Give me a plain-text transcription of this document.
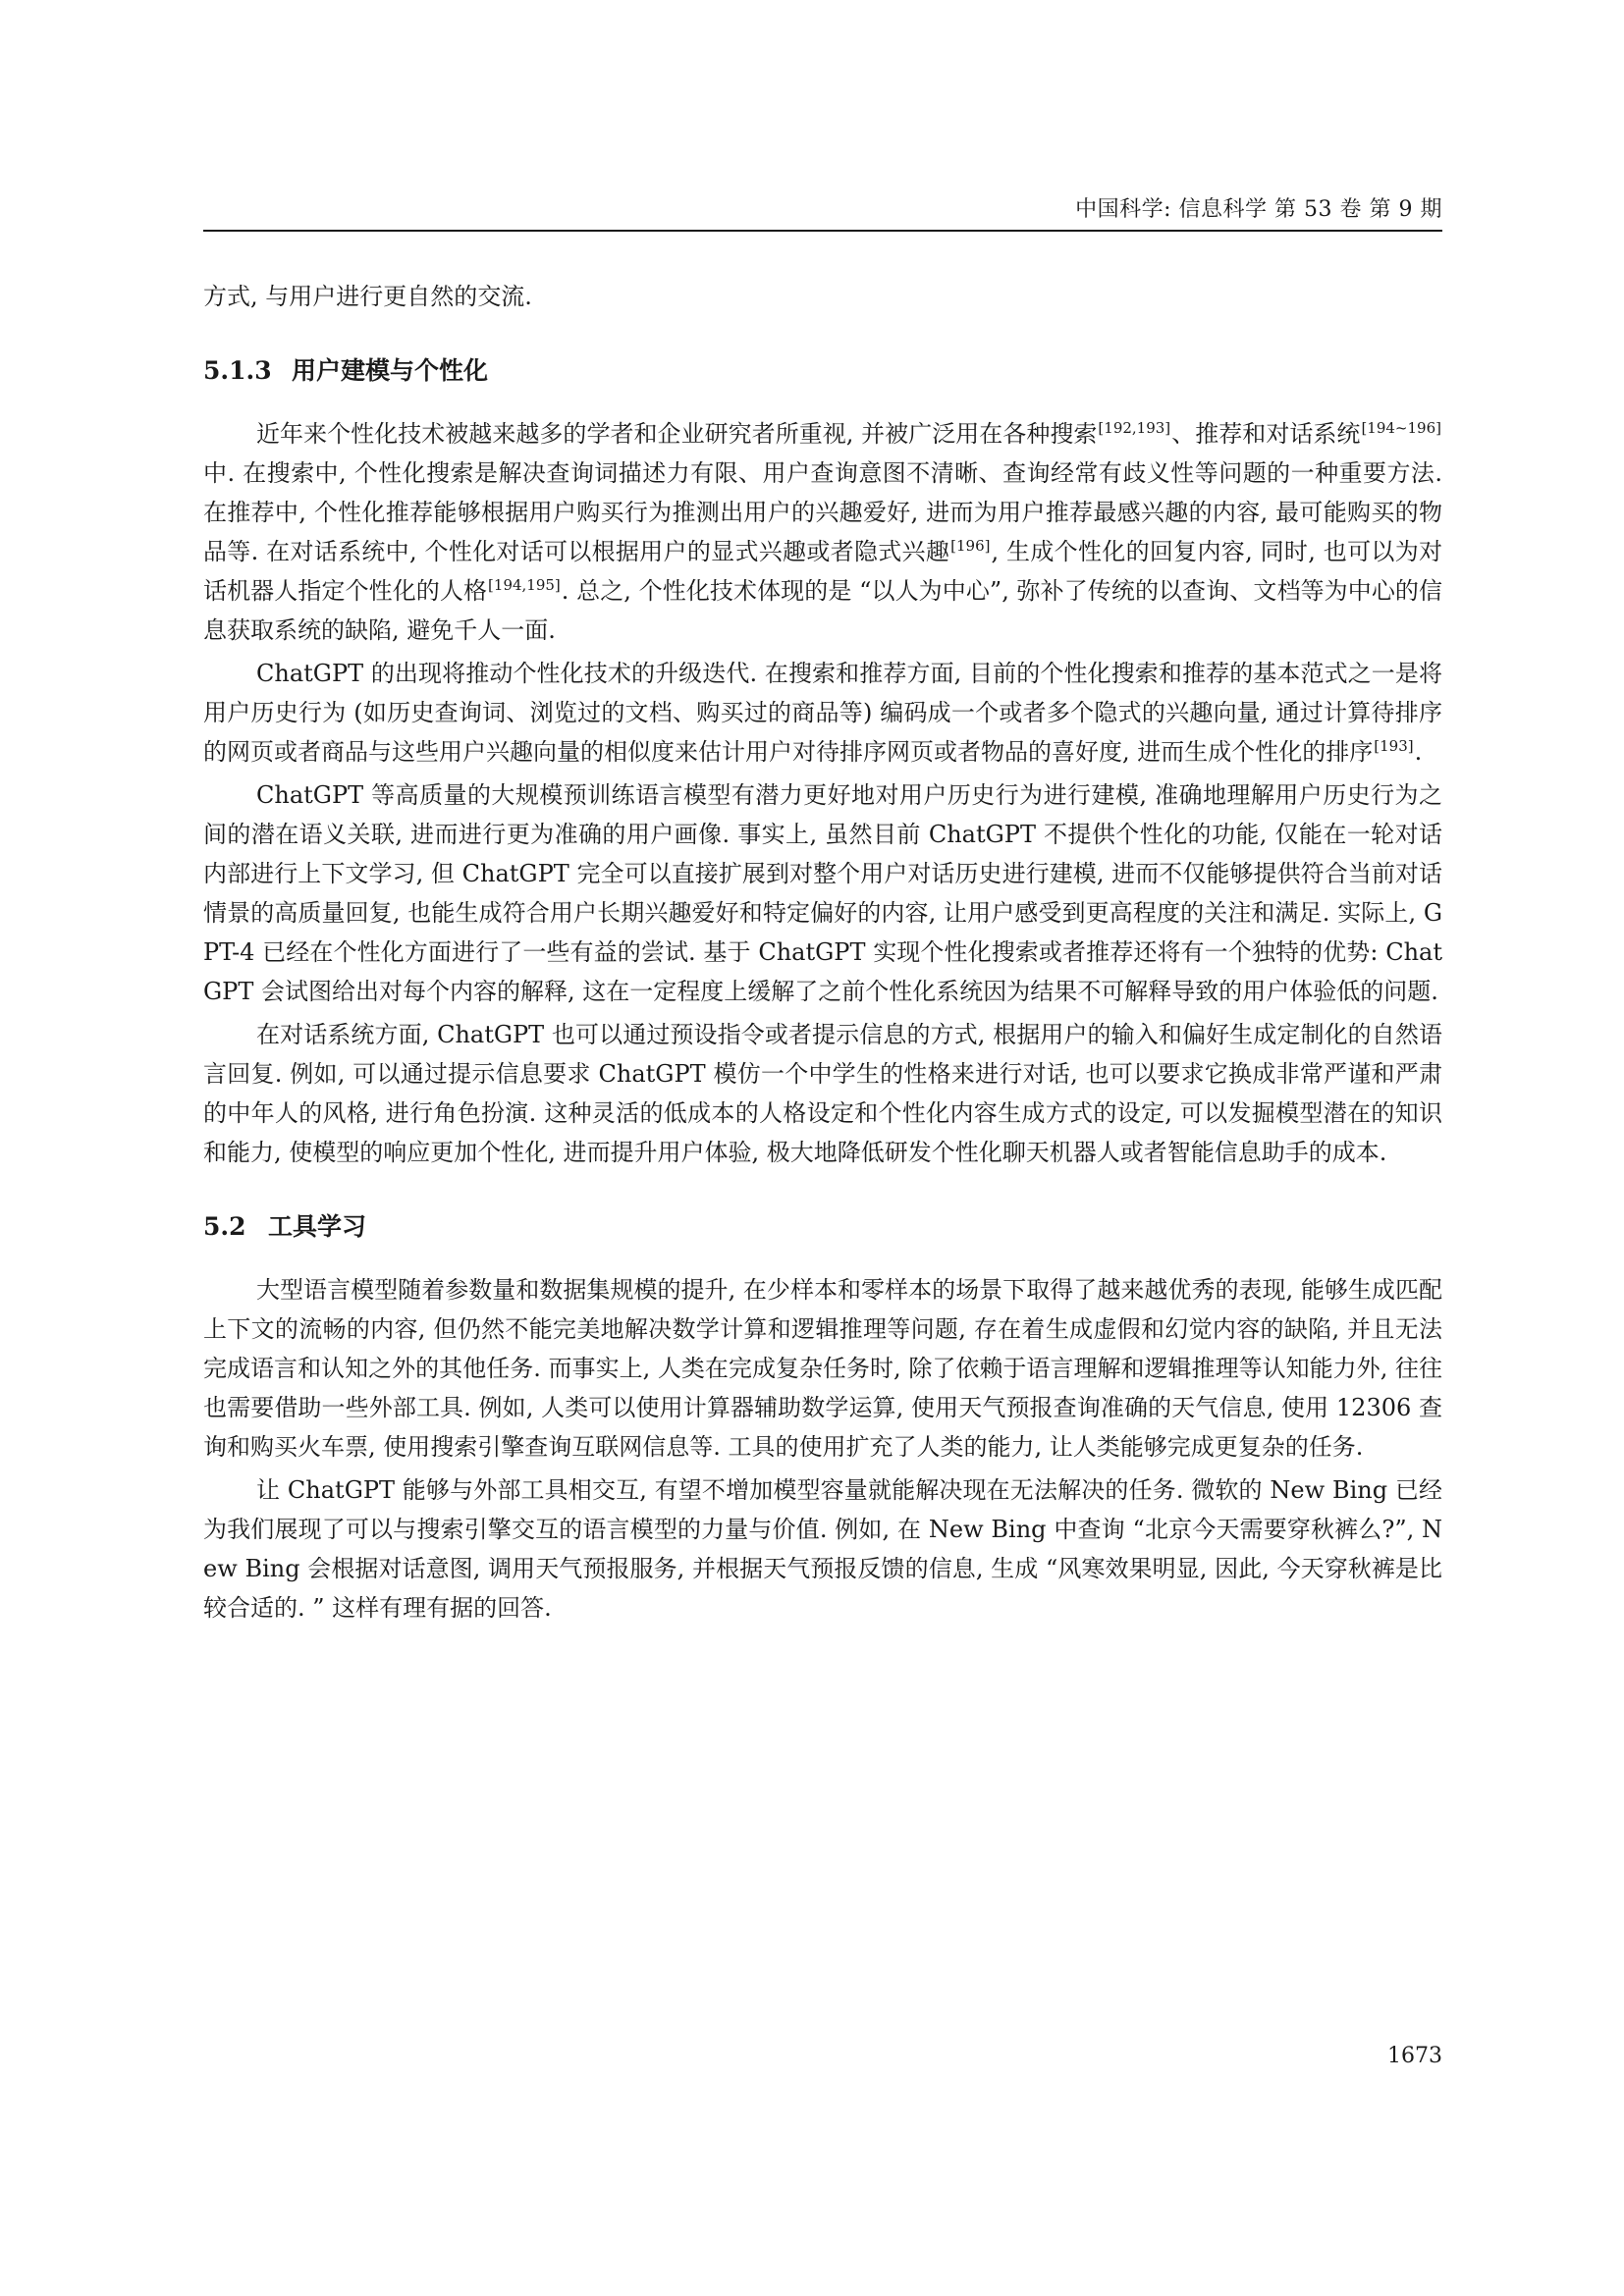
中国科学: 信息科学 第 53 卷 第 9 期

方式, 与用户进行更自然的交流.

5.1.3 用户建模与个性化

近年来个性化技术被越来越多的学者和企业研究者所重视, 并被广泛用在各种搜索[192,193]、推荐和对话系统[194~196] 中. 在搜索中, 个性化搜索是解决查询词描述力有限、用户查询意图不清晰、查询经常有歧义性等问题的一种重要方法. 在推荐中, 个性化推荐能够根据用户购买行为推测出用户的兴趣爱好, 进而为用户推荐最感兴趣的内容, 最可能购买的物品等. 在对话系统中, 个性化对话可以根据用户的显式兴趣或者隐式兴趣[196], 生成个性化的回复内容, 同时, 也可以为对话机器人指定个性化的人格[194,195]. 总之, 个性化技术体现的是 “以人为中心”, 弥补了传统的以查询、文档等为中心的信息获取系统的缺陷, 避免千人一面.

ChatGPT 的出现将推动个性化技术的升级迭代. 在搜索和推荐方面, 目前的个性化搜索和推荐的基本范式之一是将用户历史行为 (如历史查询词、浏览过的文档、购买过的商品等) 编码成一个或者多个隐式的兴趣向量, 通过计算待排序的网页或者商品与这些用户兴趣向量的相似度来估计用户对待排序网页或者物品的喜好度, 进而生成个性化的排序[193].

ChatGPT 等高质量的大规模预训练语言模型有潜力更好地对用户历史行为进行建模, 准确地理解用户历史行为之间的潜在语义关联, 进而进行更为准确的用户画像. 事实上, 虽然目前 ChatGPT 不提供个性化的功能, 仅能在一轮对话内部进行上下文学习, 但 ChatGPT 完全可以直接扩展到对整个用户对话历史进行建模, 进而不仅能够提供符合当前对话情景的高质量回复, 也能生成符合用户长期兴趣爱好和特定偏好的内容, 让用户感受到更高程度的关注和满足. 实际上, GPT-4 已经在个性化方面进行了一些有益的尝试. 基于 ChatGPT 实现个性化搜索或者推荐还将有一个独特的优势: ChatGPT 会试图给出对每个内容的解释, 这在一定程度上缓解了之前个性化系统因为结果不可解释导致的用户体验低的问题.

在对话系统方面, ChatGPT 也可以通过预设指令或者提示信息的方式, 根据用户的输入和偏好生成定制化的自然语言回复. 例如, 可以通过提示信息要求 ChatGPT 模仿一个中学生的性格来进行对话, 也可以要求它换成非常严谨和严肃的中年人的风格, 进行角色扮演. 这种灵活的低成本的人格设定和个性化内容生成方式的设定, 可以发掘模型潜在的知识和能力, 使模型的响应更加个性化, 进而提升用户体验, 极大地降低研发个性化聊天机器人或者智能信息助手的成本.

5.2 工具学习

大型语言模型随着参数量和数据集规模的提升, 在少样本和零样本的场景下取得了越来越优秀的表现, 能够生成匹配上下文的流畅的内容, 但仍然不能完美地解决数学计算和逻辑推理等问题, 存在着生成虚假和幻觉内容的缺陷, 并且无法完成语言和认知之外的其他任务. 而事实上, 人类在完成复杂任务时, 除了依赖于语言理解和逻辑推理等认知能力外, 往往也需要借助一些外部工具. 例如, 人类可以使用计算器辅助数学运算, 使用天气预报查询准确的天气信息, 使用 12306 查询和购买火车票, 使用搜索引擎查询互联网信息等. 工具的使用扩充了人类的能力, 让人类能够完成更复杂的任务.

让 ChatGPT 能够与外部工具相交互, 有望不增加模型容量就能解决现在无法解决的任务. 微软的 New Bing 已经为我们展现了可以与搜索引擎交互的语言模型的力量与价值. 例如, 在 New Bing 中查询 “北京今天需要穿秋裤么?”, New Bing 会根据对话意图, 调用天气预报服务, 并根据天气预报反馈的信息, 生成 “风寒效果明显, 因此, 今天穿秋裤是比较合适的. ” 这样有理有据的回答.

1673
